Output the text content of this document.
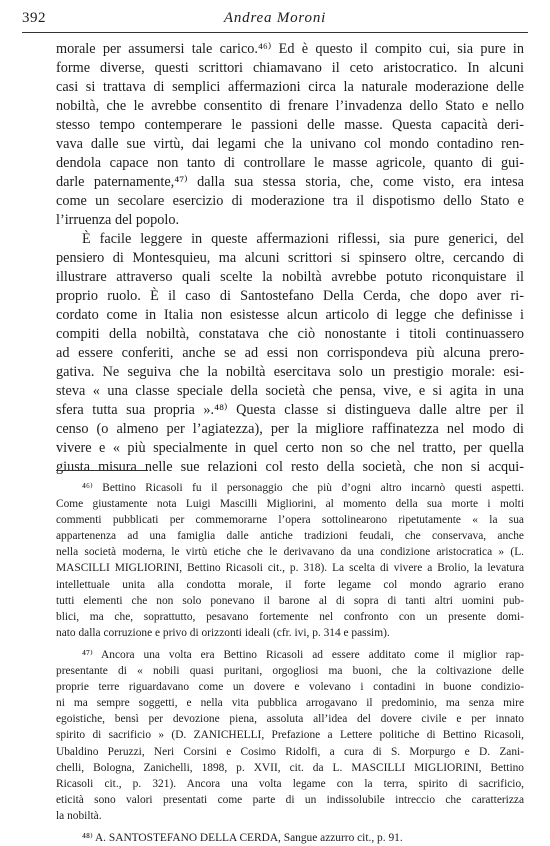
392	Andrea Moroni
morale per assumersi tale carico.⁴⁶⁾ Ed è questo il compito cui, sia pure in
forme diverse, questi scrittori chiamavano il ceto aristocratico. In alcuni
casi si trattava di semplici affermazioni circa la naturale moderazione delle
nobiltà, che le avrebbe consentito di frenare l’invadenza dello Stato e nello
stesso tempo contemperare le passioni delle masse. Questa capacità deri-
vava dalle sue virtù, dai legami che la univano col mondo contadino ren-
dendola capace non tanto di controllare le masse agricole, quanto di gui-
darle paternamente,⁴⁷⁾ dalla sua stessa storia, che, come visto, era intesa
come un secolare esercizio di moderazione tra il dispotismo dello Stato e
l’irruenza del popolo.
È facile leggere in queste affermazioni riflessi, sia pure generici, del
pensiero di Montesquieu, ma alcuni scrittori si spinsero oltre, cercando di
illustrare attraverso quali scelte la nobiltà avrebbe potuto riconquistare il
proprio ruolo. È il caso di Santostefano Della Cerda, che dopo aver ri-
cordato come in Italia non esistesse alcun articolo di legge che definisse i
compiti della nobiltà, constatava che ciò nonostante i titoli continuassero
ad essere conferiti, anche se ad essi non corrispondeva più alcuna prero-
gativa. Ne seguiva che la nobiltà esercitava solo un prestigio morale: esi-
steva « una classe speciale della società che pensa, vive, e si agita in una
sfera tutta sua propria ».⁴⁸⁾ Questa classe si distingueva dalle altre per il
censo (o almeno per l’agiatezza), per la migliore raffinatezza nel modo di
vivere e « più specialmente in quel certo non so che nel tratto, per quella
giusta misura nelle sue relazioni col resto della società, che non si acqui-
⁴⁶⁾ Bettino Ricasoli fu il personaggio che più d’ogni altro incarnò questi aspetti.
Come giustamente nota Luigi Mascilli Migliorini, al momento della sua morte i molti
commenti pubblicati per commemorarne l’opera sottolinearono ripetutamente « la sua
appartenenza ad una famiglia dalle antiche tradizioni feudali, che conservava, anche
nella società moderna, le virtù etiche che le derivavano da una condizione aristocratica » (L.
MASCILLI MIGLIORINI, Bettino Ricasoli cit., p. 318). La scelta di vivere a Brolio, la levatura
intellettuale unita alla condotta morale, il forte legame col mondo agrario erano
tutti elementi che non solo ponevano il barone al di sopra di tanti altri uomini pub-
blici, ma che, soprattutto, pesavano fortemente nel confronto con un presente domi-
nato dalla corruzione e privo di orizzonti ideali (cfr. ivi, p. 314 e passim).
⁴⁷⁾ Ancora una volta era Bettino Ricasoli ad essere additato come il miglior rap-
presentante di « nobili quasi puritani, orgogliosi ma buoni, che la coltivazione delle
proprie terre riguardavano come un dovere e volevano i contadini in buone condizio-
ni ma sempre soggetti, e nella vita pubblica arrogavano il predominio, ma senza mire
egoistiche, bensì per devozione piena, assoluta all’idea del dovere civile e per innato
spirito di sacrificio » (D. ZANICHELLI, Prefazione a Lettere politiche di Bettino Ricasoli,
Ubaldino Peruzzi, Neri Corsini e Cosimo Ridolfi, a cura di S. Morpurgo e D. Zani-
chelli, Bologna, Zanichelli, 1898, p. XVII, cit. da L. MASCILLI MIGLIORINI, Bettino
Ricasoli cit., p. 321). Ancora una volta legame con la terra, spirito di sacrificio,
eticità sono valori presentati come parte di un indissolubile intreccio che caratterizza
la nobiltà.
⁴⁸⁾ A. SANTOSTEFANO DELLA CERDA, Sangue azzurro cit., p. 91.
